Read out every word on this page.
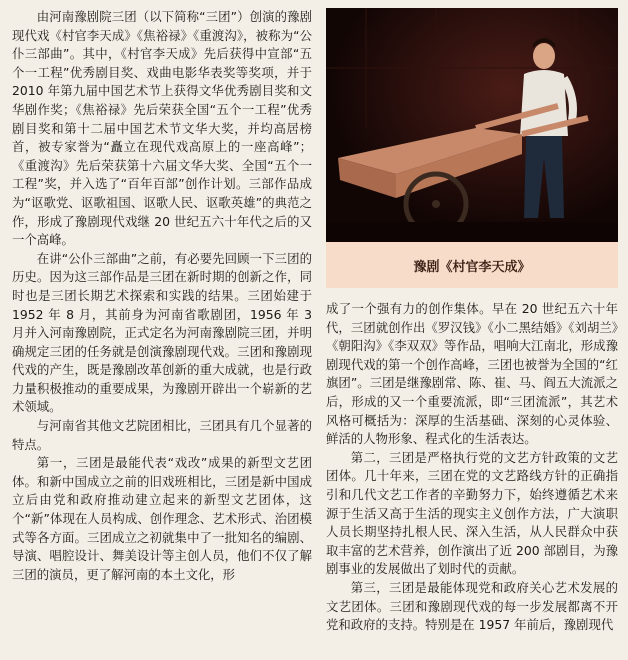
由河南豫剧院三团（以下简称“三团”）创演的豫剧现代戏《村官李天成》《焦裕禄》《重渡沟》，被称为“公仆三部曲”。其中，《村官李天成》先后获得中宣部“五个一工程”优秀剧目奖、戏曲电影华表奖等奖项，并于 2010 年第九届中国艺术节上获得文华优秀剧目奖和文华剧作奖；《焦裕禄》先后荣获全国“五个一工程”优秀剧目奖和第十二届中国艺术节文华大奖，并均高居榜首，被专家誉为“矗立在现代戏高原上的一座高峰”；《重渡沟》先后荣获第十六届文华大奖、全国“五个一工程”奖，并入选了“百年百部”创作计划。三部作品成为“讴歌党、讴歌祖国、讴歌人民、讴歌英雄”的典范之作，形成了豫剧现代戏继 20 世纪五六十年代之后的又一个高峰。

在讲“公仆三部曲”之前，有必要先回顾一下三团的历史。因为这三部作品是三团在新时期的创新之作，同时也是三团长期艺术探索和实践的结果。三团始建于 1952 年 8 月，其前身为河南省歌剧团，1956 年 3 月并入河南豫剧院，正式定名为河南豫剧院三团，并明确规定三团的任务就是创演豫剧现代戏。三团和豫剧现代戏的产生，既是豫剧改革创新的重大成就，也是行政力量积极推动的重要成果，为豫剧开辟出一个崭新的艺术领域。

与河南省其他文艺院团相比，三团具有几个显著的特点。

第一，三团是最能代表“戏改”成果的新型文艺团体。和新中国成立之前的旧戏班相比，三团是新中国成立后由党和政府推动建立起来的新型文艺团体，这个“新”体现在人员构成、创作理念、艺术形式、治团模式等各方面。三团成立之初就集中了一批知名的编剧、导演、唱腔设计、舞美设计等主创人员，他们不仅了解三团的演员，更了解河南的本土文化，形

豫剧《村官李天成》

成了一个强有力的创作集体。早在 20 世纪五六十年代，三团就创作出《罗汉钱》《小二黑结婚》《刘胡兰》《朝阳沟》《李双双》等作品，唱响大江南北，形成豫剧现代戏的第一个创作高峰，三团也被誉为全国的“红旗团”。三团是继豫剧常、陈、崔、马、阎五大流派之后，形成的又一个重要流派，即“三团流派”，其艺术风格可概括为：深厚的生活基础、深刻的心灵体验、鲜活的人物形象、程式化的生活表达。

第二，三团是严格执行党的文艺方针政策的文艺团体。几十年来，三团在党的文艺路线方针的正确指引和几代文艺工作者的辛勤努力下，始终遵循艺术来源于生活又高于生活的现实主义创作方法，广大演职人员长期坚持扎根人民、深入生活，从人民群众中获取丰富的艺术营养，创作演出了近 200 部剧目，为豫剧事业的发展做出了划时代的贡献。

第三，三团是最能体现党和政府关心艺术发展的文艺团体。三团和豫剧现代戏的每一步发展都离不开党和政府的支持。特别是在 1957 年前后，豫剧现代
